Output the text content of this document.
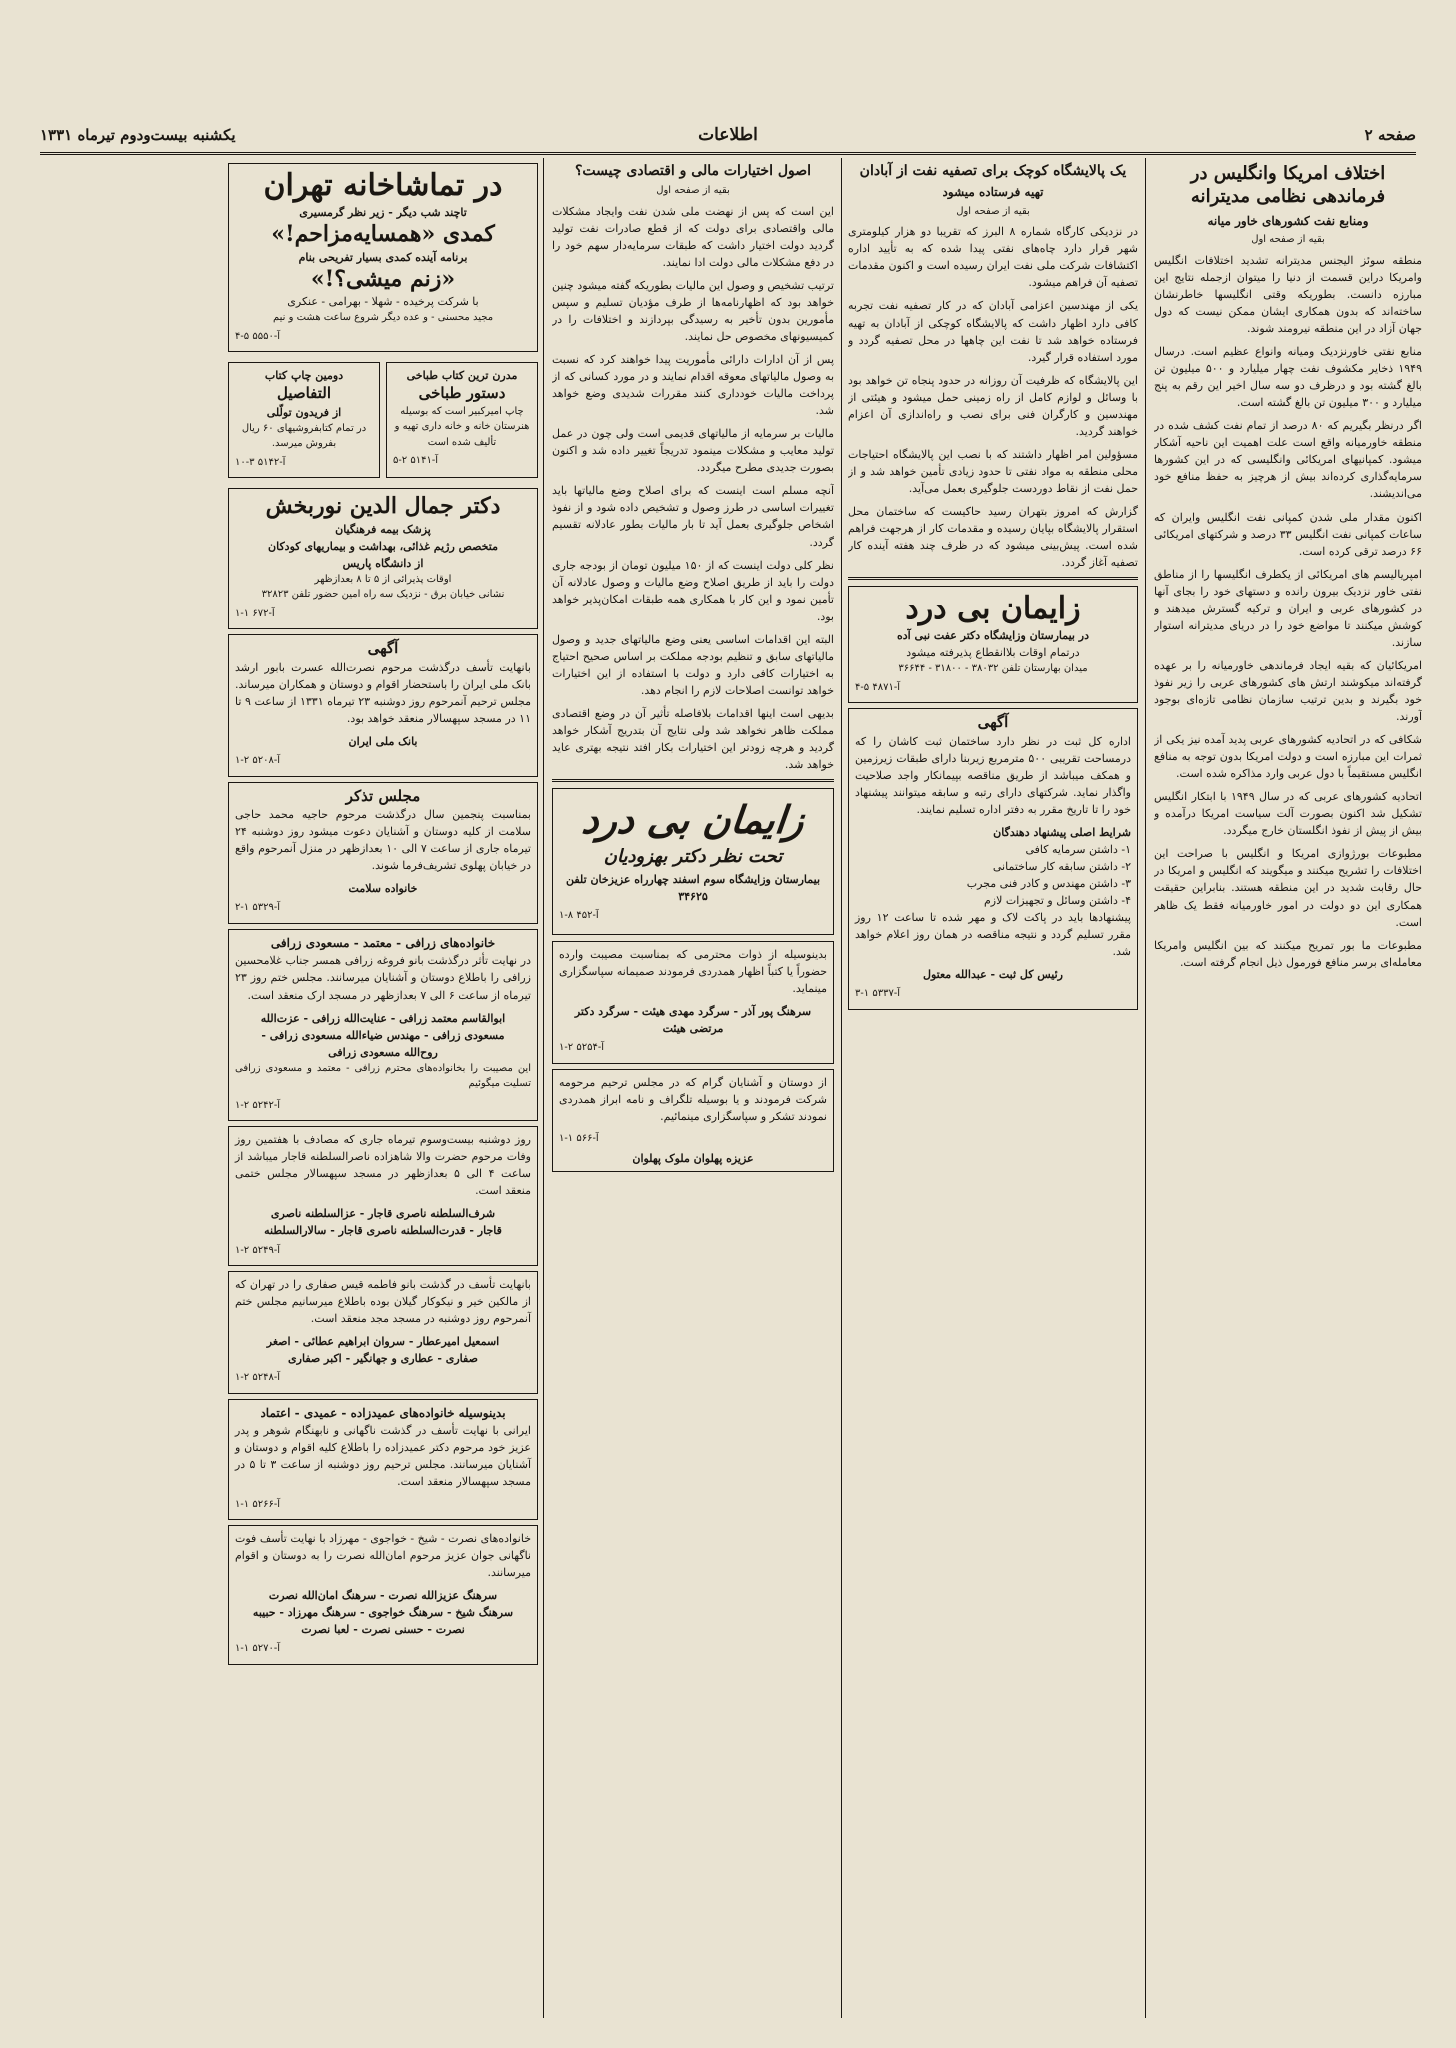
صفحه ۲
اطلاعات
یکشنبه بیست‌ودوم تیرماه ۱۳۳۱
اختلاف امریکا وانگلیس در فرماندهی نظامی مدیترانه
ومنابع نفت کشورهای خاور میانه
بقیه از صفحه اول

منطقه سوئز الیجنس مدیترانه تشدید اختلافات انگلیس وامریکا دراین قسمت از دنیا را میتوان ازجمله نتایج این مبارزه دانست. بطوریکه وقتی انگلیسها خاطرنشان ساخته‌اند که بدون همکاری ایشان ممکن نیست که دول جهان آزاد در این منطقه نیرومند شوند.

منابع نفتی خاورنزدیک ومیانه وانواع عظیم است. درسال ۱۹۴۹ ذخایر مکشوف نفت چهار میلیارد و ۵۰۰ میلیون تن بالغ گشته بود و درظرف دو سه سال اخیر این رقم به پنج میلیارد و ۳۰۰ میلیون تن بالغ گشته است.

اگر درنظر بگیریم که ۸۰ درصد از تمام نفت کشف شده در منطقه خاورمیانه واقع است علت اهمیت این ناحیه آشکار میشود. کمپانیهای امریکائی وانگلیسی که در این کشورها سرمایه‌گذاری کرده‌اند بیش از هرچیز به حفظ منافع خود می‌اندیشند.

اکنون مقدار ملی شدن کمپانی نفت انگلیس وایران که ساعات کمپانی نفت انگلیس ۳۳ درصد و شرکتهای امریکائی ۶۶ درصد ترقی کرده است.

امپریالیسم های امریکائی از یکطرف انگلیسها را از مناطق نفتی خاور نزدیک بیرون رانده و دستهای خود را بجای آنها در کشورهای عربی و ایران و ترکیه گسترش میدهند و کوشش میکنند تا مواضع خود را در دریای مدیترانه استوار سازند.

امریکائیان که بقیه ایجاد فرماندهی خاورمیانه را بر عهده گرفته‌اند میکوشند ارتش های کشورهای عربی را زیر نفوذ خود بگیرند و بدین ترتیب سازمان نظامی تازه‌ای بوجود آورند.

شکافی که در اتحادیه کشورهای عربی پدید آمده نیز یکی از ثمرات این مبارزه است و دولت امریکا بدون توجه به منافع انگلیس مستقیماً با دول عربی وارد مذاکره شده است.

اتحادیه کشورهای عربی که در سال ۱۹۴۹ با ابتکار انگلیس تشکیل شد اکنون بصورت آلت سیاست امریکا درآمده و بیش از پیش از نفوذ انگلستان خارج میگردد.

مطبوعات بورژوازی امریکا و انگلیس با صراحت این اختلافات را تشریح میکنند و میگویند که انگلیس و امریکا در حال رقابت شدید در این منطقه هستند. بنابراین حقیقت همکاری این دو دولت در امور خاورمیانه فقط یک ظاهر است.

مطبوعات ما بور تمریح میکنند که بین انگلیس وامریکا معامله‌ای برسر منافع فورمول ذیل انجام گرفته است.

یک پالایشگاه کوچک برای تصفیه نفت از آبادان
تهیه فرستاده میشود
بقیه از صفحه اول

در نزدیکی کارگاه شماره ۸ البرز که تقریبا دو هزار کیلومتری شهر قرار دارد چاه‌های نفتی پیدا شده که به تأیید اداره اکتشافات شرکت ملی نفت ایران رسیده است و اکنون مقدمات تصفیه آن فراهم میشود.

یکی از مهندسین اعزامی آبادان که در کار تصفیه نفت تجربه کافی دارد اظهار داشت که پالایشگاه کوچکی از آبادان به تهیه فرستاده خواهد شد تا نفت این چاهها در محل تصفیه گردد و مورد استفاده قرار گیرد.

این پالایشگاه که ظرفیت آن روزانه در حدود پنجاه تن خواهد بود با وسائل و لوازم کامل از راه زمینی حمل میشود و هیئتی از مهندسین و کارگران فنی برای نصب و راه‌اندازی آن اعزام خواهند گردید.

مسؤولین امر اظهار داشتند که با نصب این پالایشگاه احتیاجات محلی منطقه به مواد نفتی تا حدود زیادی تأمین خواهد شد و از حمل نفت از نقاط دوردست جلوگیری بعمل می‌آید.

گزارش که امروز بتهران رسید حاکیست که ساختمان محل استقرار پالایشگاه بپایان رسیده و مقدمات کار از هرجهت فراهم شده است. پیش‌بینی میشود که در ظرف چند هفته آینده کار تصفیه آغاز گردد.

زایمان بی درد
در بیمارستان وزایشگاه دکتر عفت نبی آده
درتمام اوقات بلاانقطاع پذیرفته میشود
میدان بهارستان تلفن ۳۸۰۳۲ - ۳۱۸۰۰ - ۳۶۶۴۴
آ-۴۸۷۱ ۵-۴
آگهی

اداره کل ثبت در نظر دارد ساختمان ثبت کاشان را که درمساحت تقریبی ۵۰۰ مترمربع زیربنا دارای طبقات زیرزمین و همکف میباشد از طریق مناقصه بپیمانکار واجد صلاحیت واگذار نماید. شرکتهای دارای رتبه و سابقه میتوانند پیشنهاد خود را تا تاریخ مقرر به دفتر اداره تسلیم نمایند.

شرایط اصلی پیشنهاد دهندگان
۱- داشتن سرمایه کافی
۲- داشتن سابقه کار ساختمانی
۳- داشتن مهندس و کادر فنی مجرب
۴- داشتن وسائل و تجهیزات لازم

پیشنهادها باید در پاکت لاک و مهر شده تا ساعت ۱۲ روز مقرر تسلیم گردد و نتیجه مناقصه در همان روز اعلام خواهد شد.

رئیس کل ثبت - عبدالله معتول
آ-۵۳۳۷ ۱-۳
اصول اختیارات مالی و اقتصادی چیست؟
بقیه از صفحه اول

این است که پس از نهضت ملی شدن نفت وایجاد مشکلات مالی واقتصادی برای دولت که از قطع صادرات نفت تولید گردید دولت اختیار داشت که طبقات سرمایه‌دار سهم خود را در دفع مشکلات مالی دولت ادا نمایند.

ترتیب تشخیص و وصول این مالیات بطوریکه گفته میشود چنین خواهد بود که اظهارنامه‌ها از طرف مؤدیان تسلیم و سپس مأمورین بدون تأخیر به رسیدگی بپردازند و اختلافات را در کمیسیونهای مخصوص حل نمایند.

پس از آن ادارات دارائی مأموریت پیدا خواهند کرد که نسبت به وصول مالیاتهای معوقه اقدام نمایند و در مورد کسانی که از پرداخت مالیات خودداری کنند مقررات شدیدی وضع خواهد شد.

مالیات بر سرمایه از مالیاتهای قدیمی است ولی چون در عمل تولید معایب و مشکلات مینمود تدریجاً تغییر داده شد و اکنون بصورت جدیدی مطرح میگردد.

آنچه مسلم است اینست که برای اصلاح وضع مالیاتها باید تغییرات اساسی در طرز وصول و تشخیص داده شود و از نفوذ اشخاص جلوگیری بعمل آید تا بار مالیات بطور عادلانه تقسیم گردد.

نظر کلی دولت اینست که از ۱۵۰ میلیون تومان از بودجه جاری دولت را باید از طریق اصلاح وضع مالیات و وصول عادلانه آن تأمین نمود و این کار با همکاری همه طبقات امکان‌پذیر خواهد بود.

البته این اقدامات اساسی یعنی وضع مالیاتهای جدید و وصول مالیاتهای سابق و تنظیم بودجه مملکت بر اساس صحیح احتیاج به اختیارات کافی دارد و دولت با استفاده از این اختیارات خواهد توانست اصلاحات لازم را انجام دهد.

بدیهی است اینها اقدامات بلافاصله تأثیر آن در وضع اقتصادی مملکت ظاهر نخواهد شد ولی نتایج آن بتدریج آشکار خواهد گردید و هرچه زودتر این اختیارات بکار افتد نتیجه بهتری عاید خواهد شد.

زایمان بی درد
تحت نظر دکتر بهزودیان
بیمارستان وزایشگاه سوم اسفند چهارراه عزیزخان تلفن ۳۴۶۲۵
آ-۴۵۲ ۸-۱

بدینوسیله از ذوات محترمی که بمناسبت مصیبت وارده حضوراً یا کتباً اظهار همدردی فرمودند صمیمانه سپاسگزاری مینماید.

سرهنگ پور آذر - سرگرد مهدی هیئت - سرگرد دکتر مرتضی هیئت
آ-۵۲۵۴ ۲-۱

از دوستان و آشنایان گرام که در مجلس ترحیم مرحومه شرکت فرمودند و یا بوسیله تلگراف و نامه ابراز همدردی نمودند تشکر و سپاسگزاری مینمائیم.

آ-۵۶۶ ۱-۱
عزیزه پهلوان ملوک پهلوان
در تماشاخانه تهران
تاچند شب دیگر - زیر نظر گرمسیری
کمدی «همسایه‌مزاحم!»
برنامه آینده کمدی بسیار تفریحی بنام
«زنم میشی؟!»
با شرکت پرخیده - شهلا - بهرامی - عنکری
مجید محسنی - و عده دیگر شروع ساعت هشت و نیم
آ-۵۵۵۰ ۵-۴
مدرن ترین کتاب طباخی
دستور طباخی
چاپ امیرکبیر است که بوسیله هنرستان خانه و خانه داری تهیه و تألیف شده است
آ-۵۱۴۱ ۲-۵
دومین چاپ کتاب
التفاصیل
از فریدون تولّلی
در تمام کتابفروشیهای ۶۰ ریال بفروش میرسد.
آ-۵۱۴۲ ۳-۱۰
دکتر جمال الدین نوربخش
پزشک بیمه فرهنگیان
متخصص رژیم غذائی، بهداشت و بیماریهای کودکان
از دانشگاه پاریس
اوقات پذیرائی از ۵ تا ۸ بعدازظهر
نشانی خیابان برق - نزدیک سه راه امین حضور تلفن ۳۲۸۲۳
آ-۶۷۲ ۱-۱
آگهی

بانهایت تأسف درگذشت مرحوم نصرت‌الله عسرت بابور ارشد بانک ملی ایران را باستحضار اقوام و دوستان و همکاران میرساند. مجلس ترحیم آنمرحوم روز دوشنبه ۲۳ تیرماه ۱۳۳۱ از ساعت ۹ تا ۱۱ در مسجد سپهسالار منعقد خواهد بود.

بانک ملی ایران
آ-۵۲۰۸ ۲-۱
مجلس تذکر

بمناسبت پنجمین سال درگذشت مرحوم حاجیه محمد حاجی سلامت از کلیه دوستان و آشنایان دعوت میشود روز دوشنبه ۲۴ تیرماه جاری از ساعت ۷ الی ۱۰ بعدازظهر در منزل آنمرحوم واقع در خیابان پهلوی تشریف‌فرما شوند.

خانواده سلامت
آ-۵۳۲۹ ۱-۲
خانواده‌های زرافی - معتمد - مسعودی زرافی

در نهایت تأثر درگذشت بانو فروغه زرافی همسر جناب غلامحسین زرافی را باطلاع دوستان و آشنایان میرسانند. مجلس ختم روز ۲۳ تیرماه از ساعت ۶ الی ۷ بعدازظهر در مسجد ارک منعقد است.

ابوالقاسم معتمد زرافی - عنایت‌الله زرافی - عزت‌الله
مسعودی زرافی - مهندس ضیاءالله مسعودی زرافی -
روح‌الله مسعودی زرافی

این مصیبت را بخانواده‌های محترم زرافی - معتمد و مسعودی زرافی تسلیت میگوئیم

آ-۵۲۴۲ ۲-۱

روز دوشنبه بیست‌وسوم تیرماه جاری که مصادف با هفتمین روز وفات مرحوم حضرت والا شاهزاده ناصرالسلطنه قاجار میباشد از ساعت ۴ الی ۵ بعدازظهر در مسجد سپهسالار مجلس ختمی منعقد است.

شرف‌السلطنه ناصری قاجار - عزالسلطنه ناصری
قاجار - قدرت‌السلطنه ناصری قاجار - سالارالسلطنه
آ-۵۲۴۹ ۲-۱

بانهایت تأسف در گذشت بانو فاطمه قیس صفاری را در تهران که از مالکین خیر و نیکوکار گیلان بوده باطلاع میرسانیم مجلس ختم آنمرحوم روز دوشنبه در مسجد مجد منعقد است.

اسمعیل امیرعطار - سروان ابراهیم عطائی - اصغر
صفاری - عطاری و جهانگیر - اکبر صفاری
آ-۵۲۴۸ ۲-۱
بدینوسیله خانواده‌های عمیدزاده - عمیدی - اعتماد

ایرانی با نهایت تأسف در گذشت ناگهانی و نابهنگام شوهر و پدر عزیز خود مرحوم دکتر عمیدزاده را باطلاع کلیه اقوام و دوستان و آشنایان میرسانند. مجلس ترحیم روز دوشنبه از ساعت ۳ تا ۵ در مسجد سپهسالار منعقد است.

آ-۵۲۶۶ ۱-۱

خانواده‌های نصرت - شیخ - خواجوی - مهرزاد با نهایت تأسف فوت ناگهانی جوان عزیز مرحوم امان‌الله نصرت را به دوستان و اقوام میرسانند.

سرهنگ عزیزالله نصرت - سرهنگ امان‌الله نصرت
سرهنگ شیخ - سرهنگ خواجوی - سرهنگ مهرزاد - حبیبه
نصرت - حسنی نصرت - لعبا نصرت
آ-۵۲۷۰ ۱-۱
